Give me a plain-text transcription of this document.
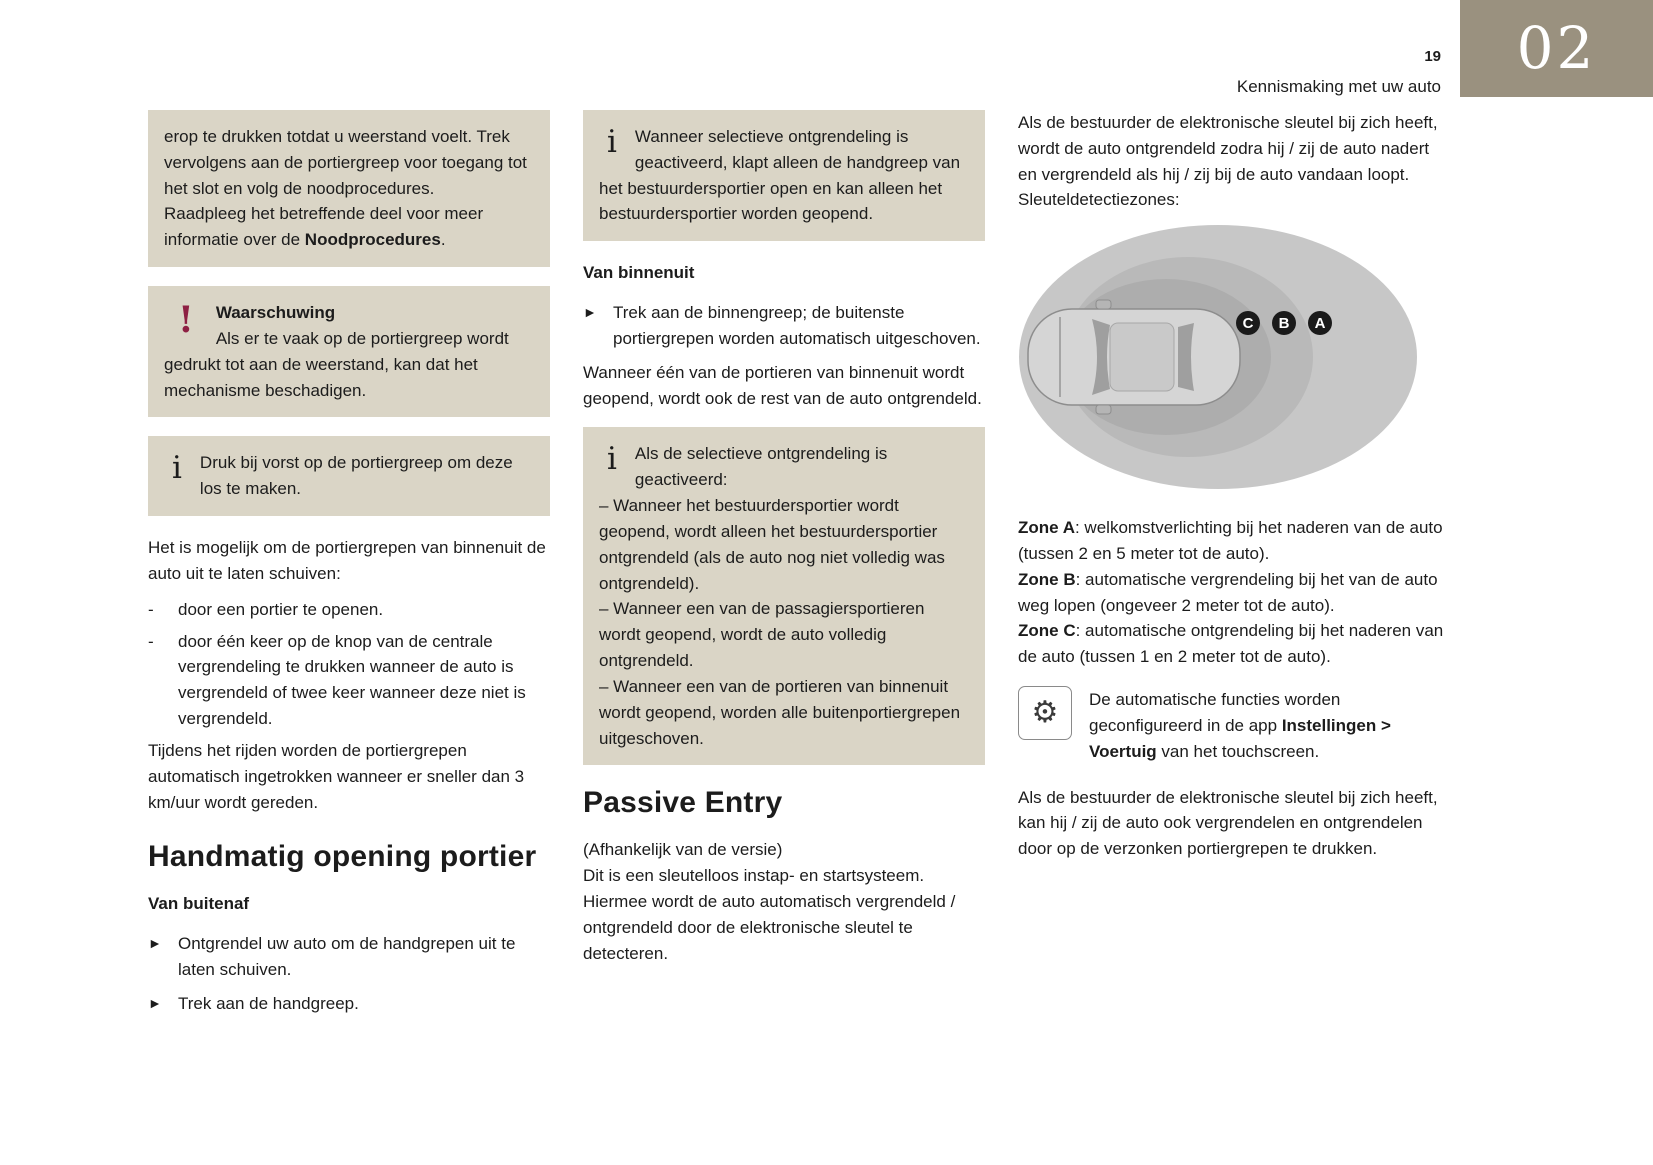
02
19
Kennismaking met uw auto

erop te drukken totdat u weerstand voelt. Trek vervolgens aan de portiergreep voor toegang tot het slot en volg de noodprocedures.

Raadpleeg het betreffende deel voor meer informatie over de Noodprocedures.

!	Waarschuwing

Als er te vaak op de portiergreep wordt gedrukt tot aan de weerstand, kan dat het mechanisme beschadigen.

i	Druk bij vorst op de portiergreep om deze los te maken.

Het is mogelijk om de portiergrepen van binnenuit de auto uit te laten schuiven:

-	door een portier te openen.
-	door één keer op de knop van de centrale vergrendeling te drukken wanneer de auto is vergrendeld of twee keer wanneer deze niet is vergrendeld.

Tijdens het rijden worden de portiergrepen automatisch ingetrokken wanneer er sneller dan 3 km/uur wordt gereden.

Handmatig opening portier

Van buitenaf

► Ontgrendel uw auto om de handgrepen uit te laten schuiven.
► Trek aan de handgreep.
i	Wanneer selectieve ontgrendeling is geactiveerd, klapt alleen de handgreep van het bestuurdersportier open en kan alleen het bestuurdersportier worden geopend.

Van binnenuit

► Trek aan de binnengreep; de buitenste portiergrepen worden automatisch uitgeschoven.

Wanneer één van de portieren van binnenuit wordt geopend, wordt ook de rest van de auto ontgrendeld.

i	Als de selectieve ontgrendeling is geactiveerd:

– Wanneer het bestuurdersportier wordt geopend, wordt alleen het bestuurdersportier ontgrendeld (als de auto nog niet volledig was ontgrendeld).

– Wanneer een van de passagiersportieren wordt geopend, wordt de auto volledig ontgrendeld.

– Wanneer een van de portieren van binnenuit wordt geopend, worden alle buitenportiergrepen uitgeschoven.

Passive Entry

(Afhankelijk van de versie)

Dit is een sleutelloos instap- en startsysteem. Hiermee wordt de auto automatisch vergrendeld / ontgrendeld door de elektronische sleutel te detecteren.

Als de bestuurder de elektronische sleutel bij zich heeft, wordt de auto ontgrendeld zodra hij / zij de auto nadert en vergrendeld als hij / zij bij de auto vandaan loopt.

Sleuteldetectiezones:

C B A

Zone A: welkomstverlichting bij het naderen van de auto (tussen 2 en 5 meter tot de auto).

Zone B: automatische vergrendeling bij het van de auto weg lopen (ongeveer 2 meter tot de auto).

Zone C: automatische ontgrendeling bij het naderen van de auto (tussen 1 en 2 meter tot de auto).

⚙	De automatische functies worden geconfigureerd in de app Instellingen > Voertuig van het touchscreen.

Als de bestuurder de elektronische sleutel bij zich heeft, kan hij / zij de auto ook vergrendelen en ontgrendelen door op de verzonken portiergrepen te drukken.
